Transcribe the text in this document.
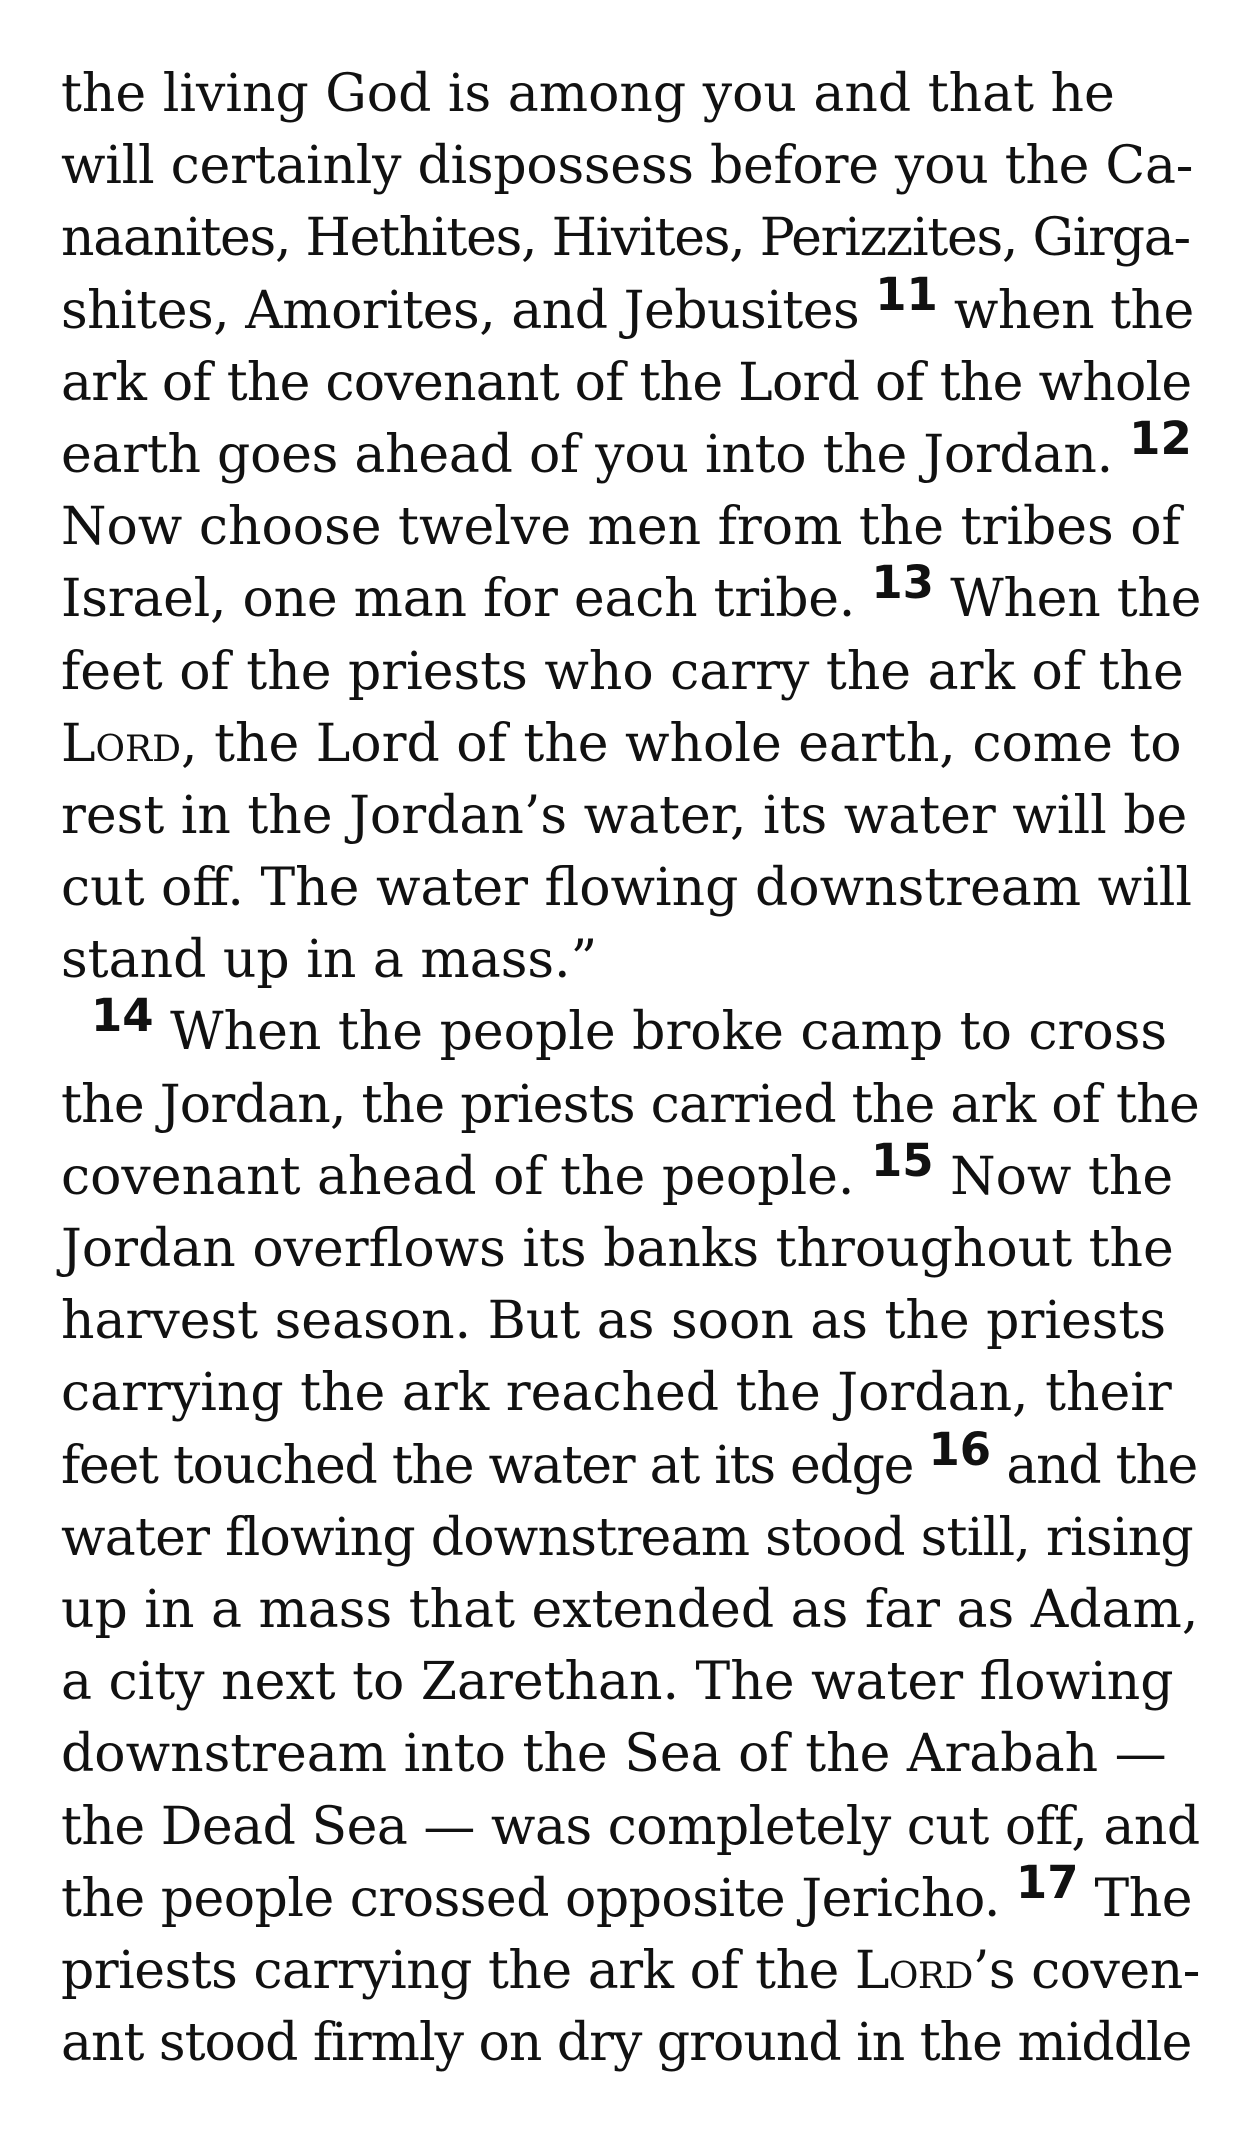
the living God is among you and that he
will certainly dispossess before you the Ca-
naanites, Hethites, Hivites, Perizzites, Girga-
shites, Amorites, and Jebusites 11 when the
ark of the covenant of the Lord of the whole
earth goes ahead of you into the Jordan. 12
Now choose twelve men from the tribes of
Israel, one man for each tribe. 13 When the
feet of the priests who carry the ark of the
Lord, the Lord of the whole earth, come to
rest in the Jordan’s water, its water will be
cut off. The water flowing downstream will
stand up in a mass.”
14 When the people broke camp to cross
the Jordan, the priests carried the ark of the
covenant ahead of the people. 15 Now the
Jordan overflows its banks throughout the
harvest season. But as soon as the priests
carrying the ark reached the Jordan, their
feet touched the water at its edge 16 and the
water flowing downstream stood still, rising
up in a mass that extended as far as Adam,
a city next to Zarethan. The water flowing
downstream into the Sea of the Arabah —
the Dead Sea — was completely cut off, and
the people crossed opposite Jericho. 17 The
priests carrying the ark of the Lord’s coven-
ant stood firmly on dry ground in the middle
